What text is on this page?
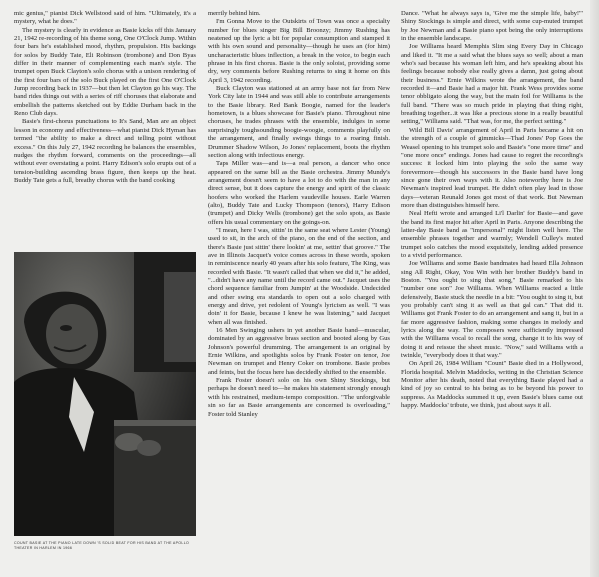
mic genius," pianist Dick Wellstood said of him. "Ultimately, it's a mystery, what he does."

The mystery is clearly in evidence as Basie kicks off this January 21, 1942 re-recording of his theme song, One O'Clock Jump. Within four bars he's established mood, rhythm, propulsion. His backings for solos by Buddy Tate, Eli Robinson (trombone) and Don Byas differ in their manner of complementing each man's style. The trumpet open Buck Clayton's solo chorus with a unison rendering of the first four bars of the solo Buck played on the first One O'Clock Jump recording back in 1937—but then let Clayton go his way. The band rides things out with a series of riff choruses that elaborate and embellish the patterns sketched out by Eddie Durham back in the Reno Club days.

Basie's first-chorus punctuations to It's Sand, Man are an object lesson in economy and effectiveness—what pianist Dick Hyman has termed "the ability to make a direct and telling point without excess." On this July 27, 1942 recording he balances the ensembles, nudges the rhythm forward, comments on the proceedings—all without ever overstating a point. Harry Edison's solo erupts out of a tension-building ascending brass figure, then keeps up the heat. Buddy Tate gets a full, breathy chorus with the band cooking

COUNT BASIE AT THE PIANO LATE DOWN 'S SOLID BEAT FOR HIS BAND AT THE APOLLO THEATER IN HARLEM IN 1966

merrily behind him.

I'm Gonna Move to the Outskirts of Town was once a specialty number for blues singer Big Bill Broonzy; Jimmy Rushing has neatened up the lyric a bit for popular consumption and stamped it with his own sound and personality—though he uses an (for him) uncharacteristic blues inflection, a break in the voice, to begin each phrase in his first chorus. Basie is the only soloist, providing some dry, wry comments before Rushing returns to sing it home on this April 3, 1942 recording.

Buck Clayton was stationed at an army base not far from New York City late in 1944 and was still able to contribute arrangements to the Basie library. Red Bank Boogie, named for the leader's hometown, is a blues showcase for Basie's piano. Throughout nine choruses, he trades phrases with the ensemble, indulges in some surprisingly toughsounding boogie-woogie, comments playfully on the arrangement, and finally swings things to a roaring finish. Drummer Shadow Wilson, Jo Jones' replacement, boots the rhythm section along with infectious energy.

Taps Miller was—and is—a real person, a dancer who once appeared on the same bill as the Basie orchestra. Jimmy Mundy's arrangement doesn't seem to have a lot to do with the man in any direct sense, but it does capture the energy and spirit of the classic hoofers who worked the Harlem vaudeville houses. Earle Warren (alto), Buddy Tate and Lucky Thompson (tenors), Harry Edison (trumpet) and Dicky Wells (trombone) get the solo spots, as Basie offers his usual commentary on the goings-on.

"I mean, here I was, sittin' in the same seat where Lester (Young) used to sit, in the arch of the piano, on the end of the section, and there's Basie just sittin' there lookin' at me, settin' that groove." The ave in Illinois Jacquet's voice comes across in these words, spoken in reminiscence nearly 40 years after his solo feature, The King, was recorded with Basie. "It wasn't called that when we did it," he added, "...didn't have any name until the record came out." Jacquet uses the chord sequence familiar from Jumpin' at the Woodside. Undecided and other swing era standards to open out a solo charged with energy and drive, yet redolent of Young's lyricism as well. "I was doin' it for Basie, because I knew he was listening," said Jacquet when all was finished.

16 Men Swinging ushers in yet another Basie band—muscular, dominated by an aggressive brass section and booted along by Gus Johnson's powerful drumming. The arrangement is an original by Ernie Wilkins, and spotlights solos by Frank Foster on tenor, Joe Newman on trumpet and Henry Coker on trombone. Basie probes and feints, but the focus here has decidedly shifted to the ensemble.

Frank Foster doesn't solo on his own Shiny Stockings, but perhaps he doesn't need to—he makes his statement strongly enough with his restrained, medium-tempo composition. "The unforgivable sin so far as Basie arrangements are concerned is overloading," Foster told Stanley

Dance. "What he always says is, 'Give me the simple life, baby!'" Shiny Stockings is simple and direct, with some cup-muted trumpet by Joe Newman and a Basie piano spot being the only interruptions in the ensemble landscape.

Joe Williams heard Memphis Slim sing Every Day in Chicago and liked it. "It me a said what the blues says so well; about a man who's sad because his woman left him, and he's speaking about his feelings because nobody else really gives a damn, just going about their business." Ernie Wilkins wrote the arrangement, the band recorded it—and Basie had a major hit. Frank Wess provides some tenor obbligato along the way, but the main foil for Williams is the full band. "There was so much pride in playing that thing right, breathing together...it was like a precious stone in a really beautiful setting," Williams said. "That was, for me, the perfect setting."

Wild Bill Davis' arrangement of April in Paris became a hit on the strength of a couple of gimmicks—Thad Jones' Pop Goes the Weasel opening to his trumpet solo and Basie's "one more time" and "one more once" endings. Jones had cause to regret the recording's success: it locked him into playing the solo the same way forevermore—though his successors in the Basie band have long since gone their own ways with it. Also noteworthy here is Joe Newman's inspired lead trumpet. He didn't often play lead in those days—veteran Reunald Jones got most of that work. But Newman more than distinguishes himself here.

Neal Hefti wrote and arranged Li'l Darlin' for Basie—and gave the band its first major hit after April in Paris. Anyone describing the latter-day Basie band as "impersonal" might listen well here. The ensemble phrases together and warmly; Wendell Culley's muted trumpet solo catches the mood exquisitely, lending added presence to a vivid performance.

Joe Williams and some Basie bandmates had heard Ella Johnson sing All Right, Okay, You Win with her brother Buddy's band in Boston. "You ought to sing that song," Basie remarked to his "number one son" Joe Williams. When Williams reacted a little defensively, Basie stuck the needle in a bit: "You ought to sing it, but you probably can't sing it as well as that gal can." That did it. Williams got Frank Foster to do an arrangement and sang it, but in a far more aggressive fashion, making some changes in melody and lyrics along the way. The composers were sufficiently impressed with the Williams vocal to recall the song, change it to his way of doing it and reissue the sheet music. "Now," said Williams with a twinkle, "everybody does it that way."

On April 26, 1984 William "Count" Basie died in a Hollywood, Florida hospital. Melvin Maddocks, writing in the Christian Science Monitor after his death, noted that everything Basie played had a kind of joy so central to his being as to be beyond his power to suppress. As Maddocks summed it up, even Basie's blues came out happy. Maddocks' tribute, we think, just about says it all.
